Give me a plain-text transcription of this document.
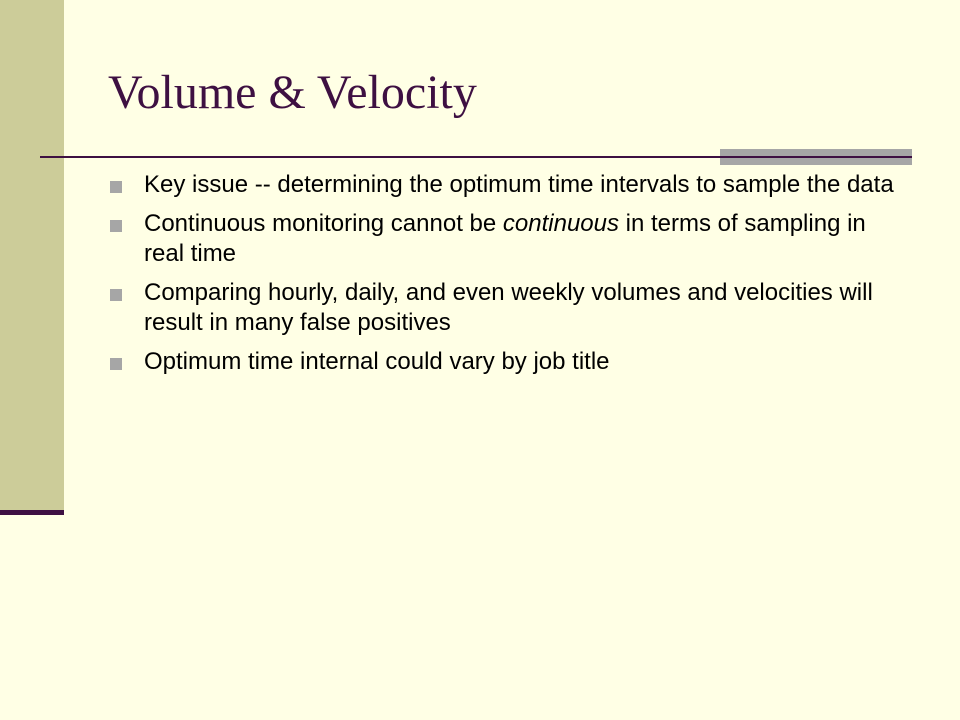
Volume & Velocity
Key issue -- determining the optimum time intervals to sample the data
Continuous monitoring cannot be continuous in terms of sampling in real time
Comparing hourly, daily, and even weekly volumes and velocities will result in many false positives
Optimum time internal could vary by job title
